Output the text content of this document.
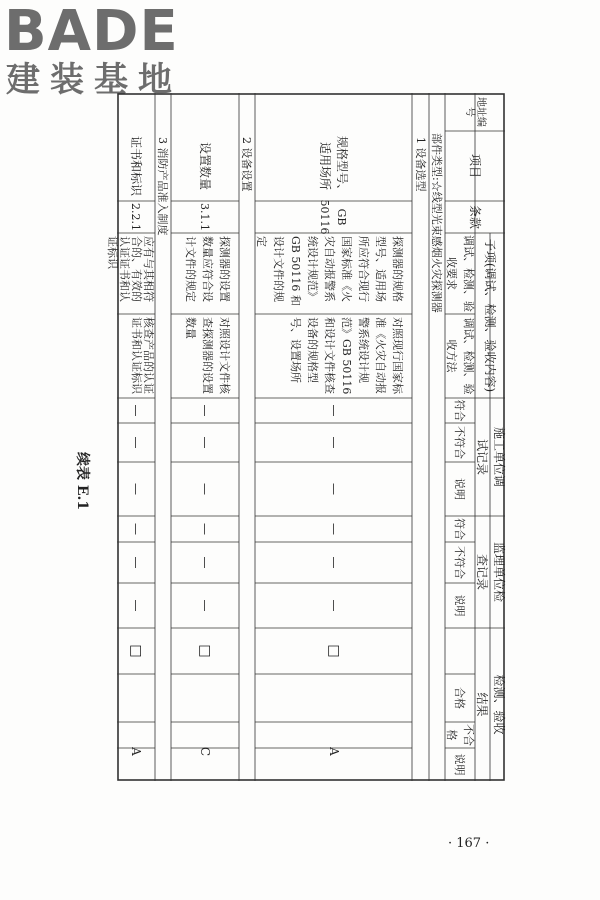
BADE
建装基地
续表 E.1
地址编号
项目
条款
子项(调试、检测、验收内容)
调试、检测、验收要求
调试、检测、验收方法
施工单位调试记录
符合
不符合
说明
监理单位检查记录
符合
不符合
说明
检测、验收结果
合格
不合格
说明
部件类型:☆线型光束感烟火灾探测器
1 设备选型
2 设备设置
3 消防产品准入制度	规格型号、适用场所
GB 50116
探测器的规格型号、适用场所应符合现行国家标准《火灾自动报警系统设计规范》GB 50116 和设计文件的规定
对照现行国家标准《火灾自动报警系统设计规范》GB 50116 和设计文件核查设备的规格型号、设置场所
—
—
—
—
—
—
□
A
设置数量
3.1.1
探测器的设置数量应符合设计文件的规定
对照设计文件核查探测器的设置数量
—
—
—
—
—
—
□
C
证书和标识
2.2.1
应有与其相符合的、有效的认证证书和认证标识
核查产品的认证证书和认证标识
—
—
—
—
—
—
□
A
· 167 ·
